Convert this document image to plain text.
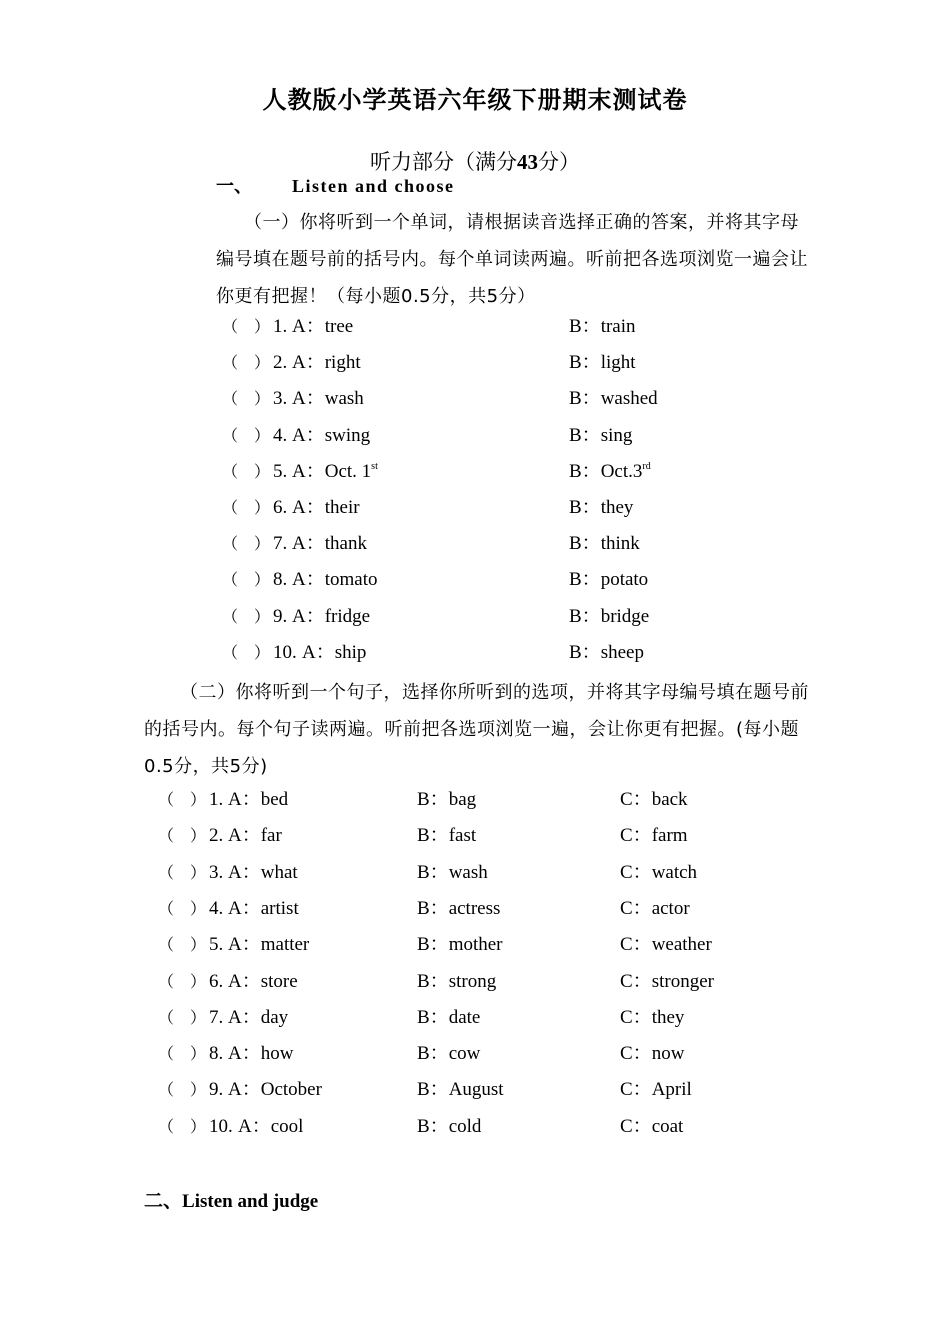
人教版小学英语六年级下册期末测试卷
听力部分（满分43分）
一、 Listen and choose
（一）你将听到一个单词，请根据读音选择正确的答案，并将其字母编号填在题号前的括号内。每个单词读两遍。听前把各选项浏览一遍会让你更有把握！（每小题0.5分，共5分）
（　） 1. A：tree	B：train
（　） 2. A：right	B：light
（　） 3. A：wash	B：washed
（　） 4. A：swing	B：sing
（　） 5. A：Oct. 1st	B：Oct.3rd
（　） 6. A：their	B：they
（　） 7. A：thank	B：think
（　） 8. A：tomato	B：potato
（　） 9. A：fridge	B：bridge
（　） 10. A：ship	B：sheep
（二）你将听到一个句子，选择你所听到的选项，并将其字母编号填在题号前的括号内。每个句子读两遍。听前把各选项浏览一遍，会让你更有把握。(每小题0.5分，共5分)
（　） 1. A：bed	B：bag	C：back
（　） 2. A：far	B：fast	C：farm
（　） 3. A：what	B：wash	C：watch
（　） 4. A：artist	B：actress	C：actor
（　） 5. A：matter	B：mother	C：weather
（　） 6. A：store	B：strong	C：stronger
（　） 7. A：day	B：date	C：they
（　） 8. A：how	B：cow	C：now
（　） 9. A：October	B：August	C：April
（　） 10. A：cool	B：cold	C：coat
二、Listen and judge
